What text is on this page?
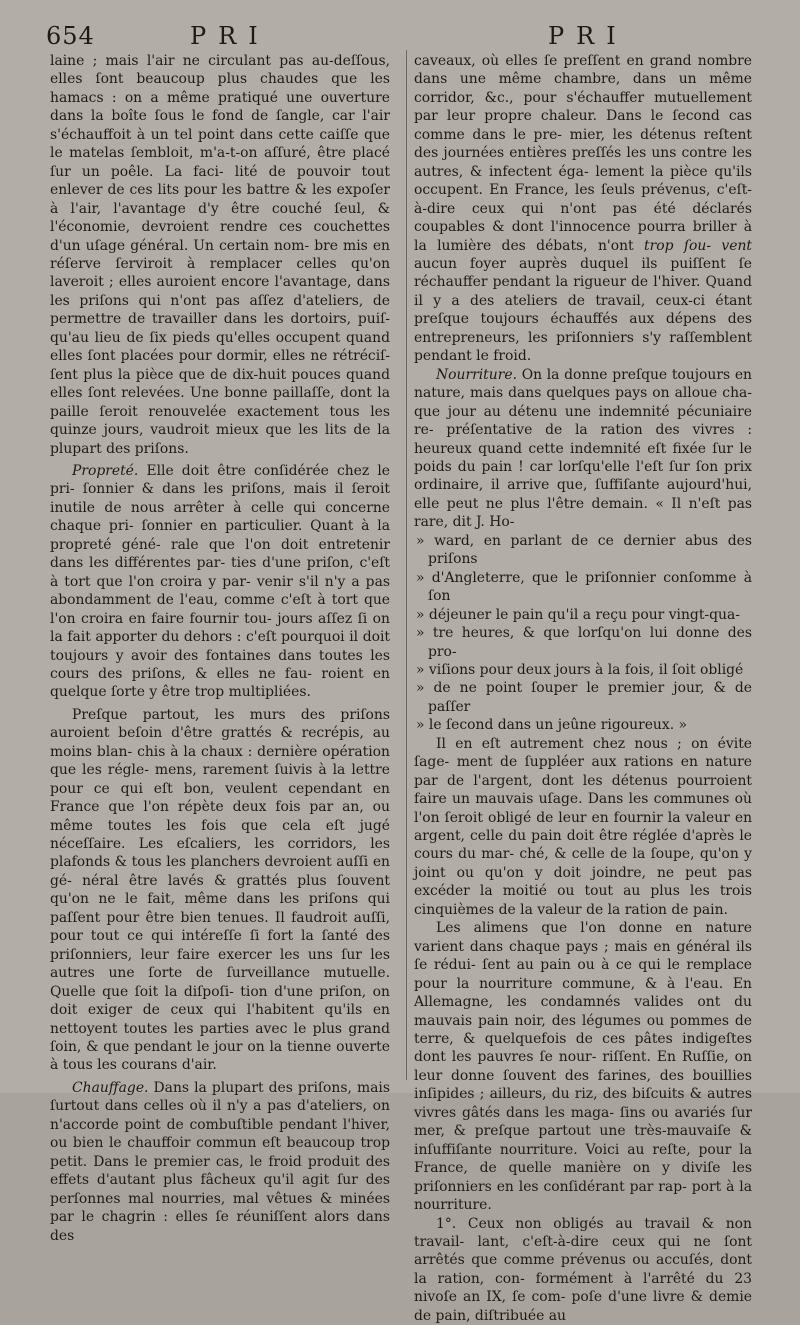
654	PRI	PRI

laine ; mais l'air ne circulant pas au-deſſous, elles ſont beaucoup plus chaudes que les hamacs : on a même pratiqué une ouverture dans la boîte ſous le fond de ſangle, car l'air s'échauffoit à un tel point dans cette caiſſe que le matelas ſembloit, m'a-t-on aſſuré, être placé ſur un poêle. La faci- lité de pouvoir tout enlever de ces lits pour les battre & les expoſer à l'air, l'avantage d'y être couché ſeul, & l'économie, devroient rendre ces couchettes d'un uſage général. Un certain nom- bre mis en réſerve ſerviroit à remplacer celles qu'on laveroit ; elles auroient encore l'avantage, dans les priſons qui n'ont pas aſſez d'ateliers, de permettre de travailler dans les dortoirs, puiſ- qu'au lieu de ſix pieds qu'elles occupent quand elles ſont placées pour dormir, elles ne rétréciſ- ſent plus la pièce que de dix-huit pouces quand elles ſont relevées. Une bonne paillaſſe, dont la paille ſeroit renouvelée exactement tous les quinze jours, vaudroit mieux que les lits de la plupart des priſons.

Propreté. Elle doit être conſidérée chez le pri- ſonnier & dans les priſons, mais il ſeroit inutile de nous arrêter à celle qui concerne chaque pri- ſonnier en particulier. Quant à la propreté géné- rale que l'on doit entretenir dans les différentes par- ties d'une priſon, c'eſt à tort que l'on croira y par- venir s'il n'y a pas abondamment de l'eau, comme c'eſt à tort que l'on croira en faire fournir tou- jours aſſez ſi on la fait apporter du dehors : c'eſt pourquoi il doit toujours y avoir des fontaines dans toutes les cours des priſons, & elles ne fau- roient en quelque ſorte y être trop multipliées.

Preſque partout, les murs des priſons auroient beſoin d'être grattés & recrépis, au moins blan- chis à la chaux : dernière opération que les régle- mens, rarement ſuivis à la lettre pour ce qui eſt bon, veulent cependant en France que l'on répète deux fois par an, ou même toutes les fois que cela eſt jugé néceſſaire. Les eſcaliers, les corridors, les plafonds & tous les planchers devroient auſſi en gé- néral être lavés & grattés plus ſouvent qu'on ne le fait, même dans les priſons qui paſſent pour être bien tenues. Il faudroit auſſi, pour tout ce qui intéreſſe ſi fort la ſanté des priſonniers, leur faire exercer les uns ſur les autres une ſorte de ſurveillance mutuelle. Quelle que ſoit la diſpoſi- tion d'une priſon, on doit exiger de ceux qui l'habitent qu'ils en nettoyent toutes les parties avec le plus grand ſoin, & que pendant le jour on la tienne ouverte à tous les courans d'air.

Chauffage. Dans la plupart des priſons, mais ſurtout dans celles où il n'y a pas d'ateliers, on n'accorde point de combuſtible pendant l'hiver, ou bien le chauffoir commun eſt beaucoup trop petit. Dans le premier cas, le froid produit des effets d'autant plus fâcheux qu'il agit ſur des perſonnes mal nourries, mal vêtues & minées par le chagrin : elles ſe réuniſſent alors dans des

caveaux, où elles ſe preſſent en grand nombre dans une même chambre, dans un même corridor, &c., pour s'échauffer mutuellement par leur propre chaleur. Dans le ſecond cas comme dans le pre- mier, les détenus reſtent des journées entières preſſés les uns contre les autres, & infectent éga- lement la pièce qu'ils occupent. En France, les ſeuls prévenus, c'eſt-à-dire ceux qui n'ont pas été déclarés coupables & dont l'innocence pourra briller à la lumière des débats, n'ont trop ſou- vent aucun foyer auprès duquel ils puiſſent ſe réchauffer pendant la rigueur de l'hiver. Quand il y a des ateliers de travail, ceux-ci étant preſque toujours échauffés aux dépens des entrepreneurs, les priſonniers s'y raſſemblent pendant le froid.

Nourriture. On la donne preſque toujours en nature, mais dans quelques pays on alloue cha- que jour au détenu une indemnité pécuniaire re- préſentative de la ration des vivres : heureux quand cette indemnité eſt fixée ſur le poids du pain ! car lorſqu'elle l'eſt ſur ſon prix ordinaire, il arrive que, ſuffiſante aujourd'hui, elle peut ne plus l'être demain. « Il n'eſt pas rare, dit J. Ho-

» ward, en parlant de ce dernier abus des priſons

» d'Angleterre, que le priſonnier conſomme à ſon

» déjeuner le pain qu'il a reçu pour vingt-qua-

» tre heures, & que lorſqu'on lui donne des pro-

» viſions pour deux jours à la fois, il ſoit obligé

» de ne point ſouper le premier jour, & de paſſer

» le ſecond dans un jeûne rigoureux. »

Il en eſt autrement chez nous ; on évite ſage- ment de ſuppléer aux rations en nature par de l'argent, dont les détenus pourroient faire un mauvais uſage. Dans les communes où l'on ſeroit obligé de leur en fournir la valeur en argent, celle du pain doit être réglée d'après le cours du mar- ché, & celle de la ſoupe, qu'on y joint ou qu'on y doit joindre, ne peut pas excéder la moitié ou tout au plus les trois cinquièmes de la valeur de la ration de pain.

Les alimens que l'on donne en nature varient dans chaque pays ; mais en général ils ſe rédui- ſent au pain ou à ce qui le remplace pour la nourriture commune, & à l'eau. En Allemagne, les condamnés valides ont du mauvais pain noir, des légumes ou pommes de terre, & quelquefois de ces pâtes indigeſtes dont les pauvres ſe nour- riſſent. En Ruſſie, on leur donne ſouvent des farines, des bouillies inſipides ; ailleurs, du riz, des biſcuits & autres vivres gâtés dans les maga- ſins ou avariés ſur mer, & preſque partout une très-mauvaiſe & inſuffiſante nourriture. Voici au reſte, pour la France, de quelle manière on y diviſe les priſonniers en les conſidérant par rap- port à la nourriture.

1°. Ceux non obligés au travail & non travail- lant, c'eſt-à-dire ceux qui ne ſont arrêtés que comme prévenus ou accuſés, dont la ration, con- formément à l'arrêté du 23 nivoſe an IX, ſe com- poſe d'une livre & demie de pain, diſtribuée au
